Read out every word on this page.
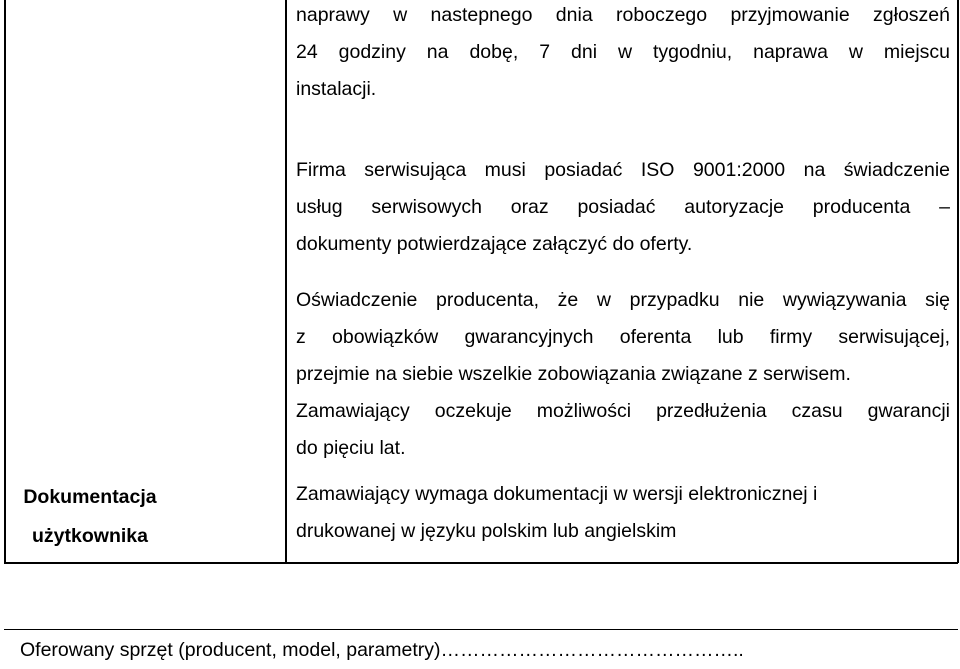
naprawy w nastepnego dnia roboczego przyjmowanie zgłoszeń
24 godziny na dobę, 7 dni w tygodniu, naprawa w miejscu
instalacji.
Firma serwisująca musi posiadać ISO 9001:2000 na świadczenie
usług serwisowych oraz posiadać autoryzacje producenta –
dokumenty potwierdzające załączyć do oferty.
Oświadczenie producenta, że w przypadku nie wywiązywania się
z obowiązków gwarancyjnych oferenta lub firmy serwisującej,
przejmie na siebie wszelkie zobowiązania związane z serwisem.
Zamawiający oczekuje możliwości przedłużenia czasu gwarancji
do pięciu lat.
Zamawiający wymaga dokumentacji w wersji elektronicznej i
drukowanej w języku polskim lub angielskim
Dokumentacja
użytkownika
Oferowany sprzęt (producent, model, parametry)………………………………………..
